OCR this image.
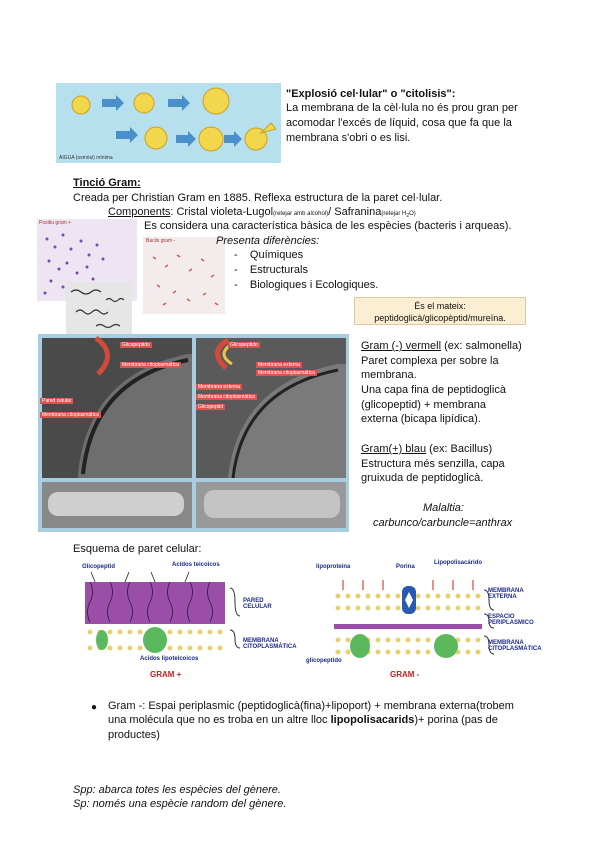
AIGUA (osmòsi) mínima
"Explosió cel·lular" o "citolisis":
La membrana de la cèl·lula no és prou gran per
acomodar l'excés de líquid, cosa que fa que la
membrana s'obri o es lisi.
Tinció Gram:
Creada per Christian Gram en 1885. Reflexa estructura de la paret cel·lular.
Components: Cristal violeta-Lugol(retejar amb alcohol)/ Safranina(retejar $H_2O$)
Es considera una característica bàsica de les espècies (bacteris i arqueas).
Positiu gram +
Bacils gram -	Presenta diferències:
-    Químiques
-    Estructurals
-    Biologiques i Ecologiques.
És el mateix:
peptidoglicà/glicopèptid/mureïna.
Glicopeptido
Membrana citoplasmática
Pared celular
Membrana citoplasmática
Glicopeptido
Membrana externa
Membrana citoplasmática
Membrana externa
Membrana citoplasmática
Glicopeptid
Gram (-) vermell (ex: salmonella)
Paret complexa per sobre la
membrana.
Una capa fina de peptidoglicà
(glicopeptid) + membrana
externa (bicapa lipídica).
Gram(+) blau (ex: Bacillus)
Estructura més senzilla, capa
gruixuda de peptidoglicà.
Malaltia:
carbunco/carbuncle=anthrax
Esquema de paret celular:
Glicopeptid	Acidos teicoicos
PARED
CELULAR
MEMBRANA
CITOPLASMÁTICA
Acidos lipoteicoicos
GRAM +
lipoproteína	Porina
Lipopolisacárido
MEMBRANA
EXTERNA
ESPACIO
PERIPLASMICO
MEMBRANA
CITOPLASMÁTICA
glicopeptido
GRAM -
● Gram -: Espai periplasmic (peptidoglicà(fina)+lipoport) + membrana externa(trobem
una molécula que no es troba en un altre lloc lipopolisacarids)+ porina (pas de
productes)
Spp: abarca totes les espècies del gènere.
Sp: només una espècie random del gènere.
